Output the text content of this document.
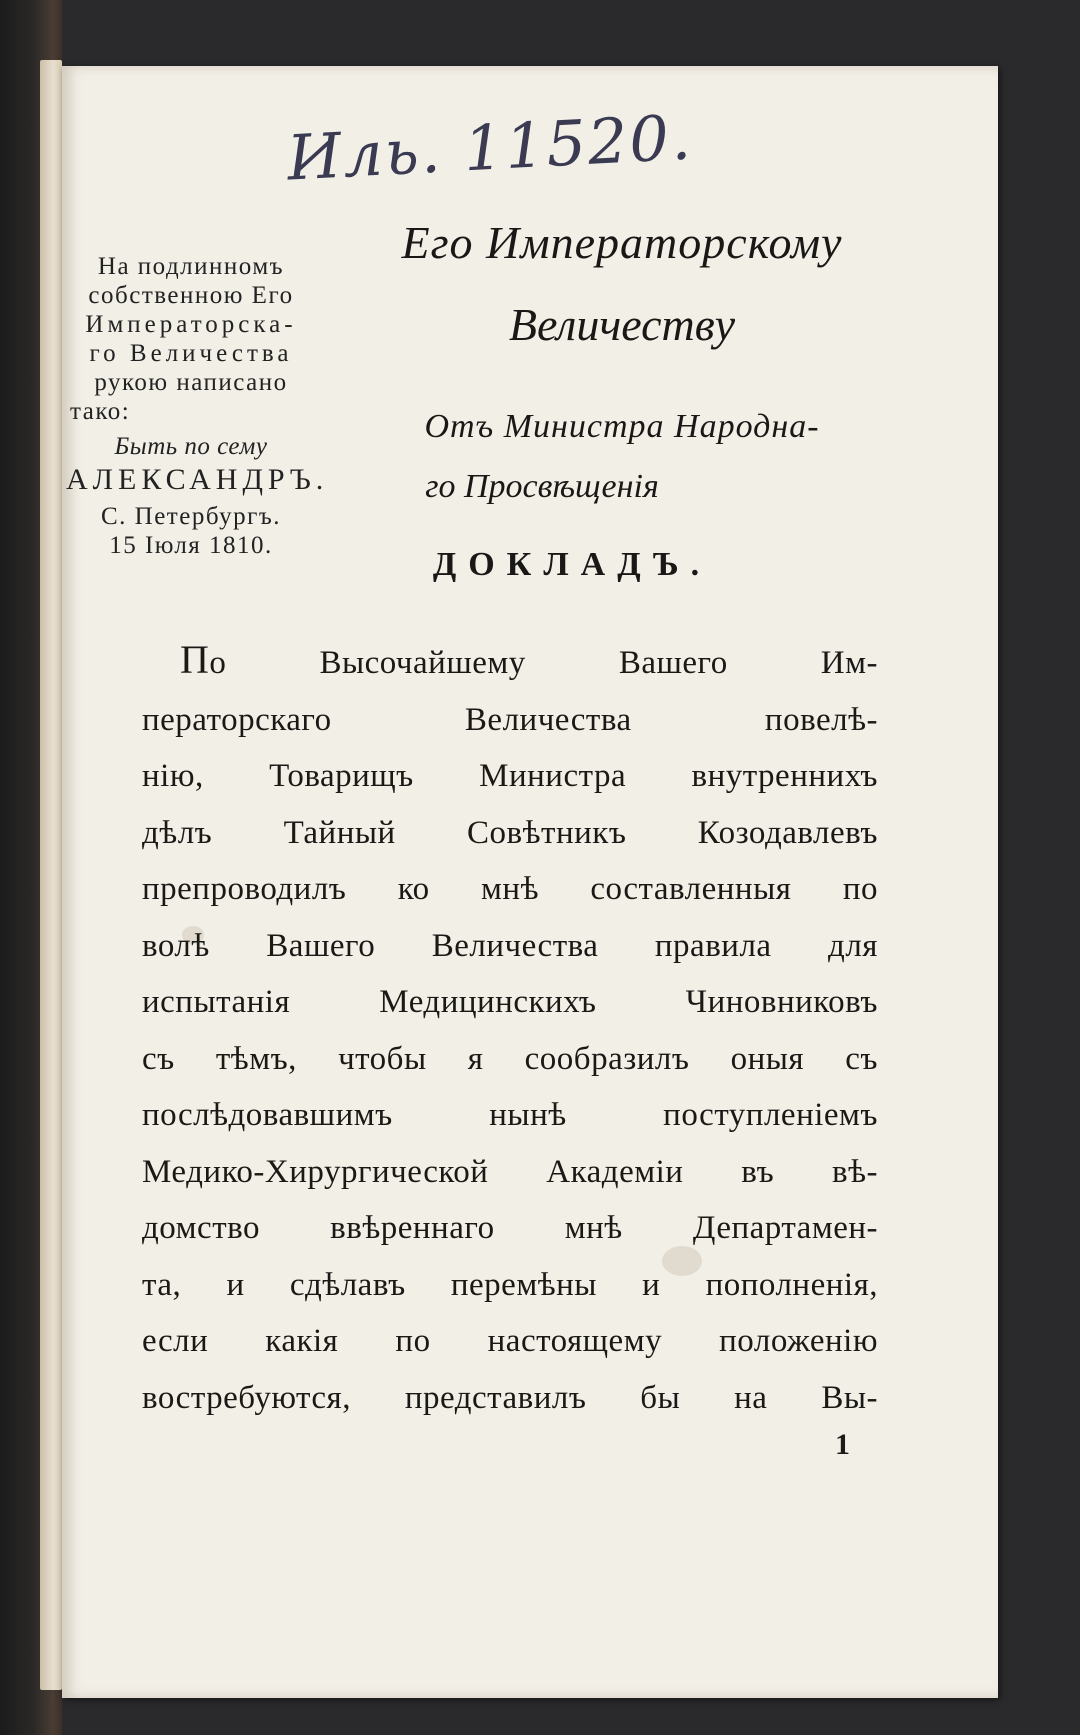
Иль. 11520.
На подлинномъ
собственною Его
Императорска-
го Величества
рукою написано
тако:
Быть по сему
АЛЕКСАНДРЪ.
С. Петербургъ.
15 Іюля 1810.
Его Императорскому
Величеству
Отъ Министра Народна-
го Просвѣщенія
ДОКЛАДЪ.
По Высочайшему Вашего Им-
ператорскаго Величества повелѣ-
нію, Товарищъ Министра внутреннихъ
дѣлъ Тайный Совѣтникъ Козодавлевъ
препроводилъ ко мнѣ составленныя по
волѣ Вашего Величества правила для
испытанія Медицинскихъ Чиновниковъ
съ тѣмъ, чтобы я сообразилъ оныя съ
послѣдовавшимъ нынѣ поступленіемъ
Медико-Хирургической Академіи въ вѣ-
домство ввѣреннаго мнѣ Департамен-
та, и сдѣлавъ перемѣны и пополненія,
если какія по настоящему положенію
востребуются, представилъ бы на Вы-
1
